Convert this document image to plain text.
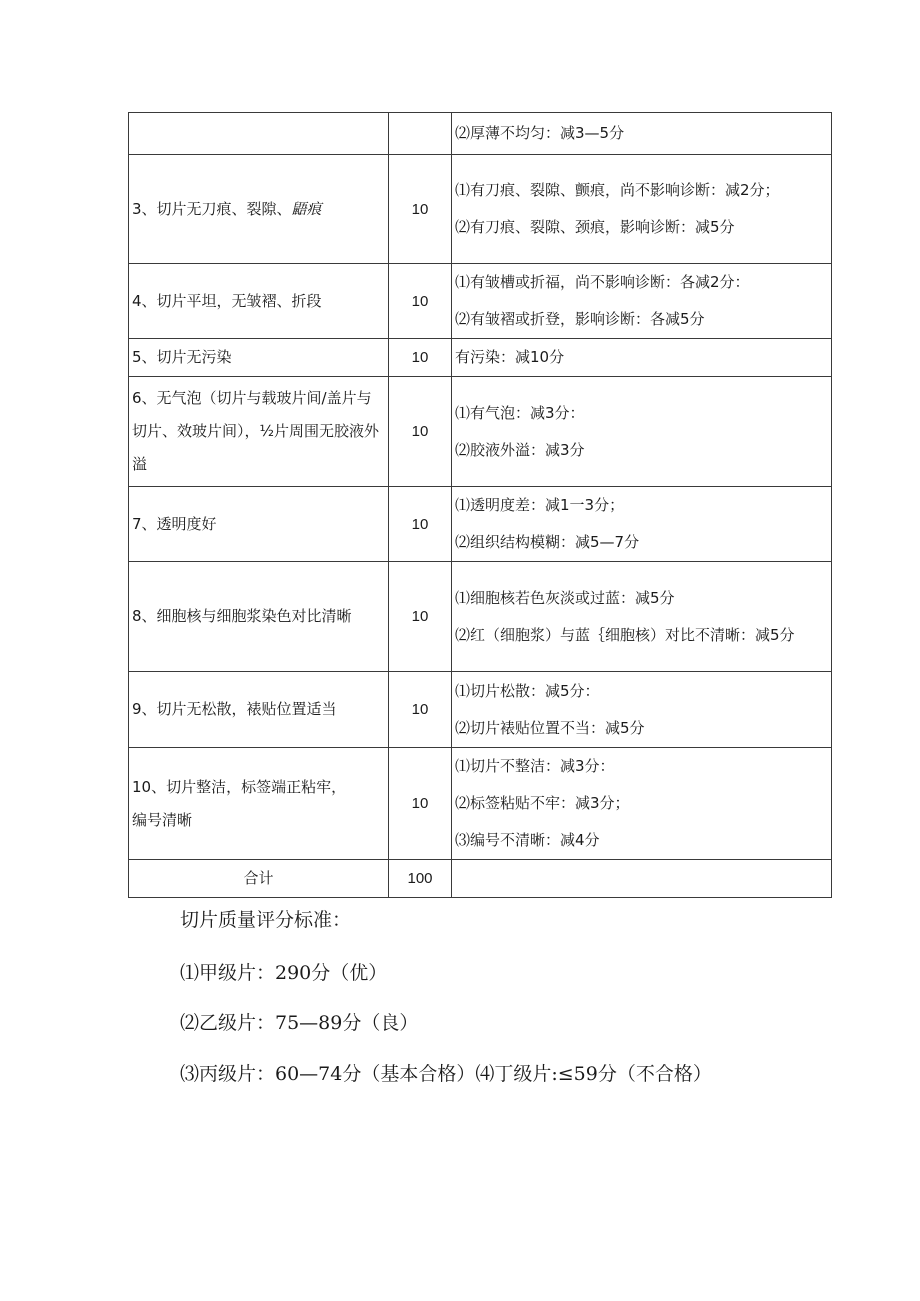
		⑵厚薄不均匀：减3—5分

3、切片无刀痕、裂隙、鼯痕	10	⑴有刀痕、裂隙、颤痕，尚不影响诊断：减2分；
⑵有刀痕、裂隙、颈痕，影响诊断：减5分

4、切片平坦，无皱褶、折段	10	⑴有皱槽或折福，尚不影响诊断：各减2分：
⑵有皱褶或折登，影响诊断：各减5分

5、切片无污染	10	有污染：减10分

6、无气泡（切片与载玻片间/盖片与切片、效玻片间），½片周围无胶液外溢	10	⑴有气泡：减3分：
⑵胶液外溢：减3分

7、透明度好	10	⑴透明度差：减1一3分；
⑵组织结构模糊：减5—7分

8、细胞核与细胞浆染色对比清晰	10	⑴细胞核若色灰淡或过蓝：减5分
⑵红（细胞浆）与蓝｛细胞核）对比不清晰：减5分

9、切片无松散，裱贴位置适当	10	⑴切片松散：减5分：
⑵切片裱贴位置不当：减5分

10、切片整洁，标签端正粘牢，
编号清晰	10	⑴切片不整洁：减3分：
⑵标签粘贴不牢：减3分；
⑶编号不清晰：减4分

合计	100	
切片质量评分标准：
⑴甲级片：290分（优）
⑵乙级片：75—89分（良）
⑶丙级片：60—74分（基本合格）⑷丁级片:≤59分（不合格）
